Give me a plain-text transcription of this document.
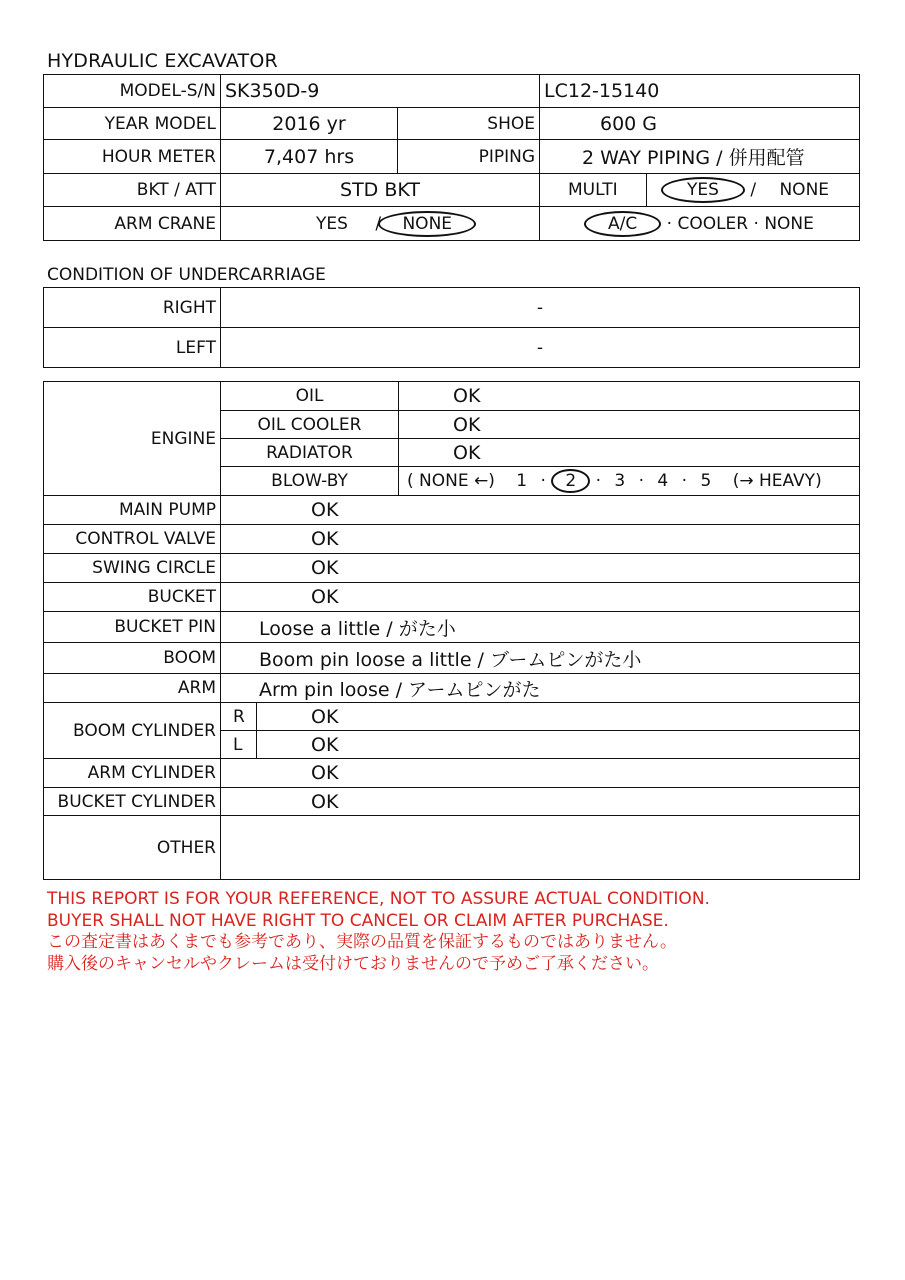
HYDRAULIC EXCAVATOR
MODEL-S/N	SK350D-9		LC12-15140	
YEAR MODEL	2016 yr	SHOE	600 G	
HOUR METER	7,407 hrs	PIPING	2 WAY PIPING / 併用配管	
BKT / ATT	STD BKT		MULTI	YES / NONE
ARM CRANE	YES / NONE		A/C · COOLER · NONE	
CONDITION OF UNDERCARRIAGE
RIGHT	-
LEFT	-
ENGINE	OIL		OK
	OIL COOLER		OK
	RADIATOR		OK
	BLOW-BY		( NONE ←) 1 · 2 · 3 · 4 · 5 (→ HEAVY)
MAIN PUMP	OK		
CONTROL VALVE	OK		
SWING CIRCLE	OK		
BUCKET	OK		
BUCKET PIN	Loose a little / がた小		
BOOM	Boom pin loose a little / ブームピンがた小		
ARM	Arm pin loose / アームピンがた		
BOOM CYLINDER	R	OK	
	L	OK	
ARM CYLINDER	OK		
BUCKET CYLINDER	OK		
OTHER			
THIS REPORT IS FOR YOUR REFERENCE, NOT TO ASSURE ACTUAL CONDITION.
BUYER SHALL NOT HAVE RIGHT TO CANCEL OR CLAIM AFTER PURCHASE.
この査定書はあくまでも参考であり、実際の品質を保証するものではありません。
購入後のキャンセルやクレームは受付けておりませんので予めご了承ください。
